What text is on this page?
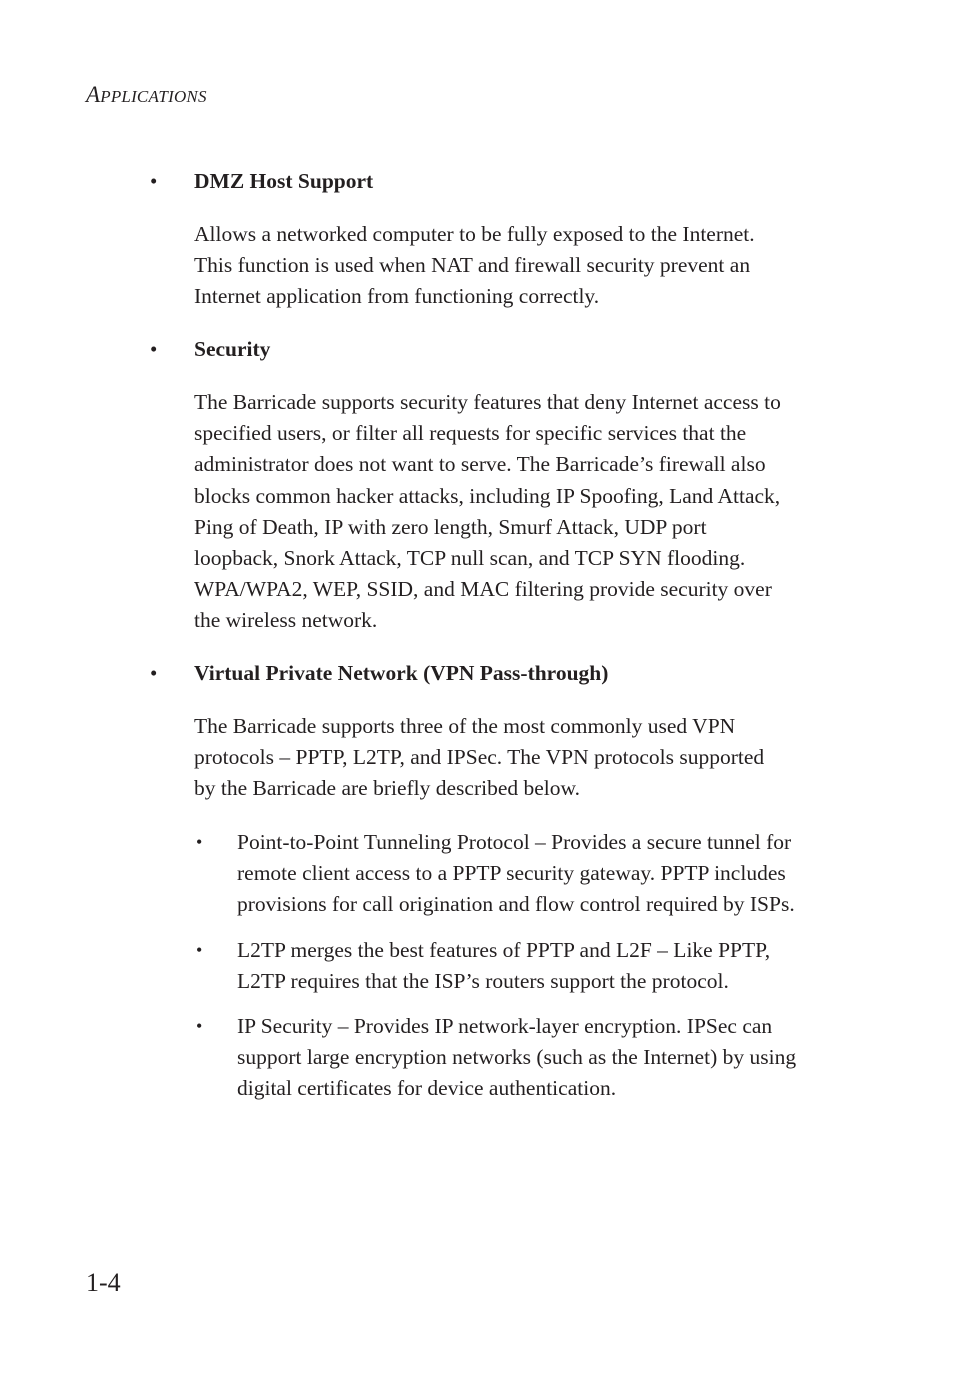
APPLICATIONS
• DMZ Host Support
Allows a networked computer to be fully exposed to the Internet.
This function is used when NAT and firewall security prevent an
Internet application from functioning correctly.
• Security
The Barricade supports security features that deny Internet access to
specified users, or filter all requests for specific services that the
administrator does not want to serve. The Barricade’s firewall also
blocks common hacker attacks, including IP Spoofing, Land Attack,
Ping of Death, IP with zero length, Smurf Attack, UDP port
loopback, Snork Attack, TCP null scan, and TCP SYN flooding.
WPA/WPA2, WEP, SSID, and MAC filtering provide security over
the wireless network.
• Virtual Private Network (VPN Pass-through)
The Barricade supports three of the most commonly used VPN
protocols – PPTP, L2TP, and IPSec. The VPN protocols supported
by the Barricade are briefly described below.
• Point-to-Point Tunneling Protocol – Provides a secure tunnel for
remote client access to a PPTP security gateway. PPTP includes
provisions for call origination and flow control required by ISPs.
• L2TP merges the best features of PPTP and L2F – Like PPTP,
L2TP requires that the ISP’s routers support the protocol.
• IP Security – Provides IP network-layer encryption. IPSec can
support large encryption networks (such as the Internet) by using
digital certificates for device authentication.
1-4
